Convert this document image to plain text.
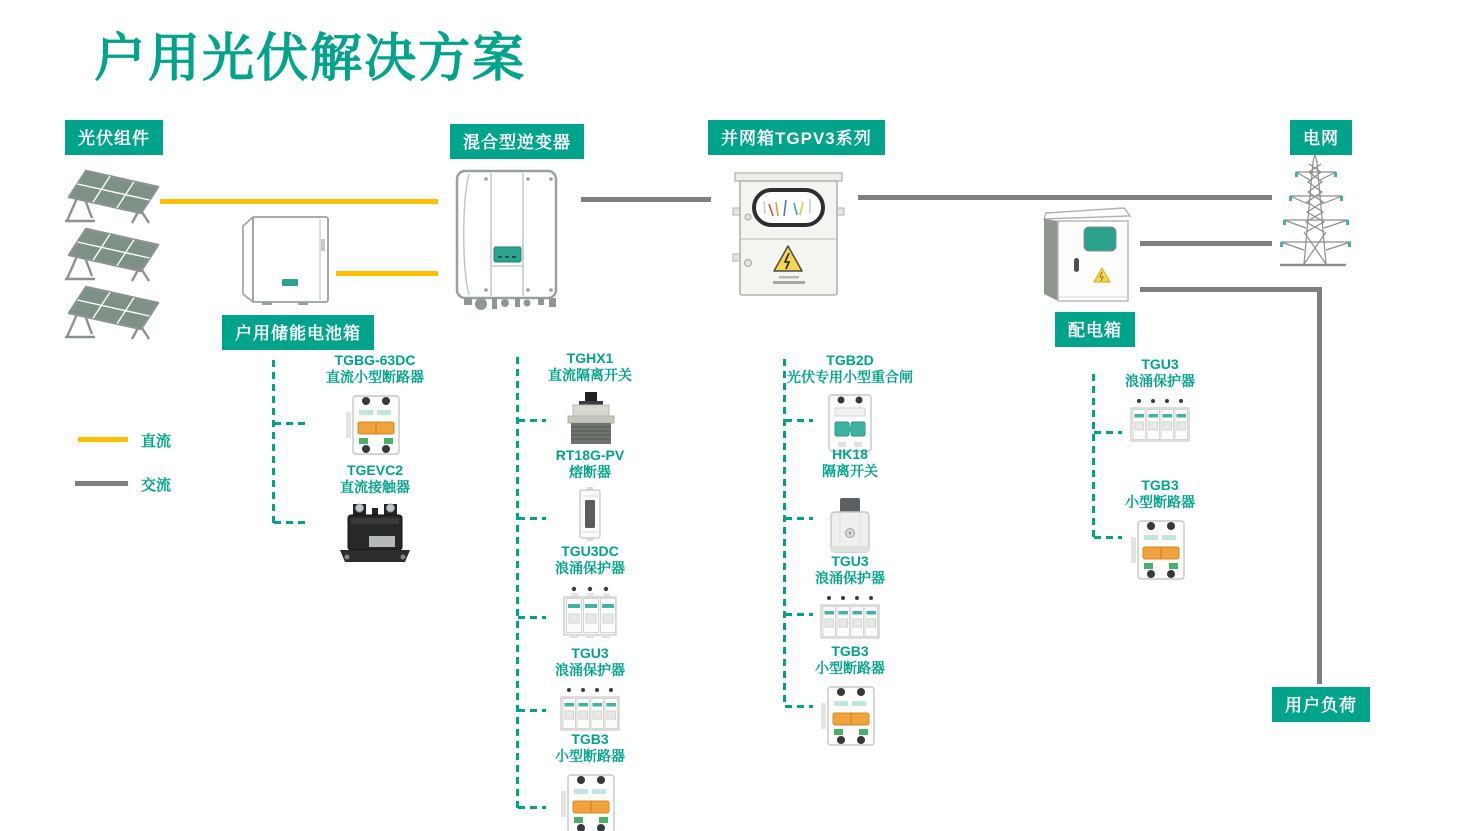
户用光伏解决方案
光伏组件	混合型逆变器	并网箱TGPV3系列	电网
户用储能电池箱	配电箱
用户负荷
直流
交流
TGBG-63DC
直流小型断路器
TGEVC2
直流接触器
TGHX1
直流隔离开关
RT18G-PV
熔断器
TGU3DC
浪涌保护器
TGU3
浪涌保护器
TGB3
小型断路器
TGB2D
光伏专用小型重合闸
HK18
隔离开关
TGU3
浪涌保护器
TGB3
小型断路器
TGU3
浪涌保护器
TGB3
小型断路器
